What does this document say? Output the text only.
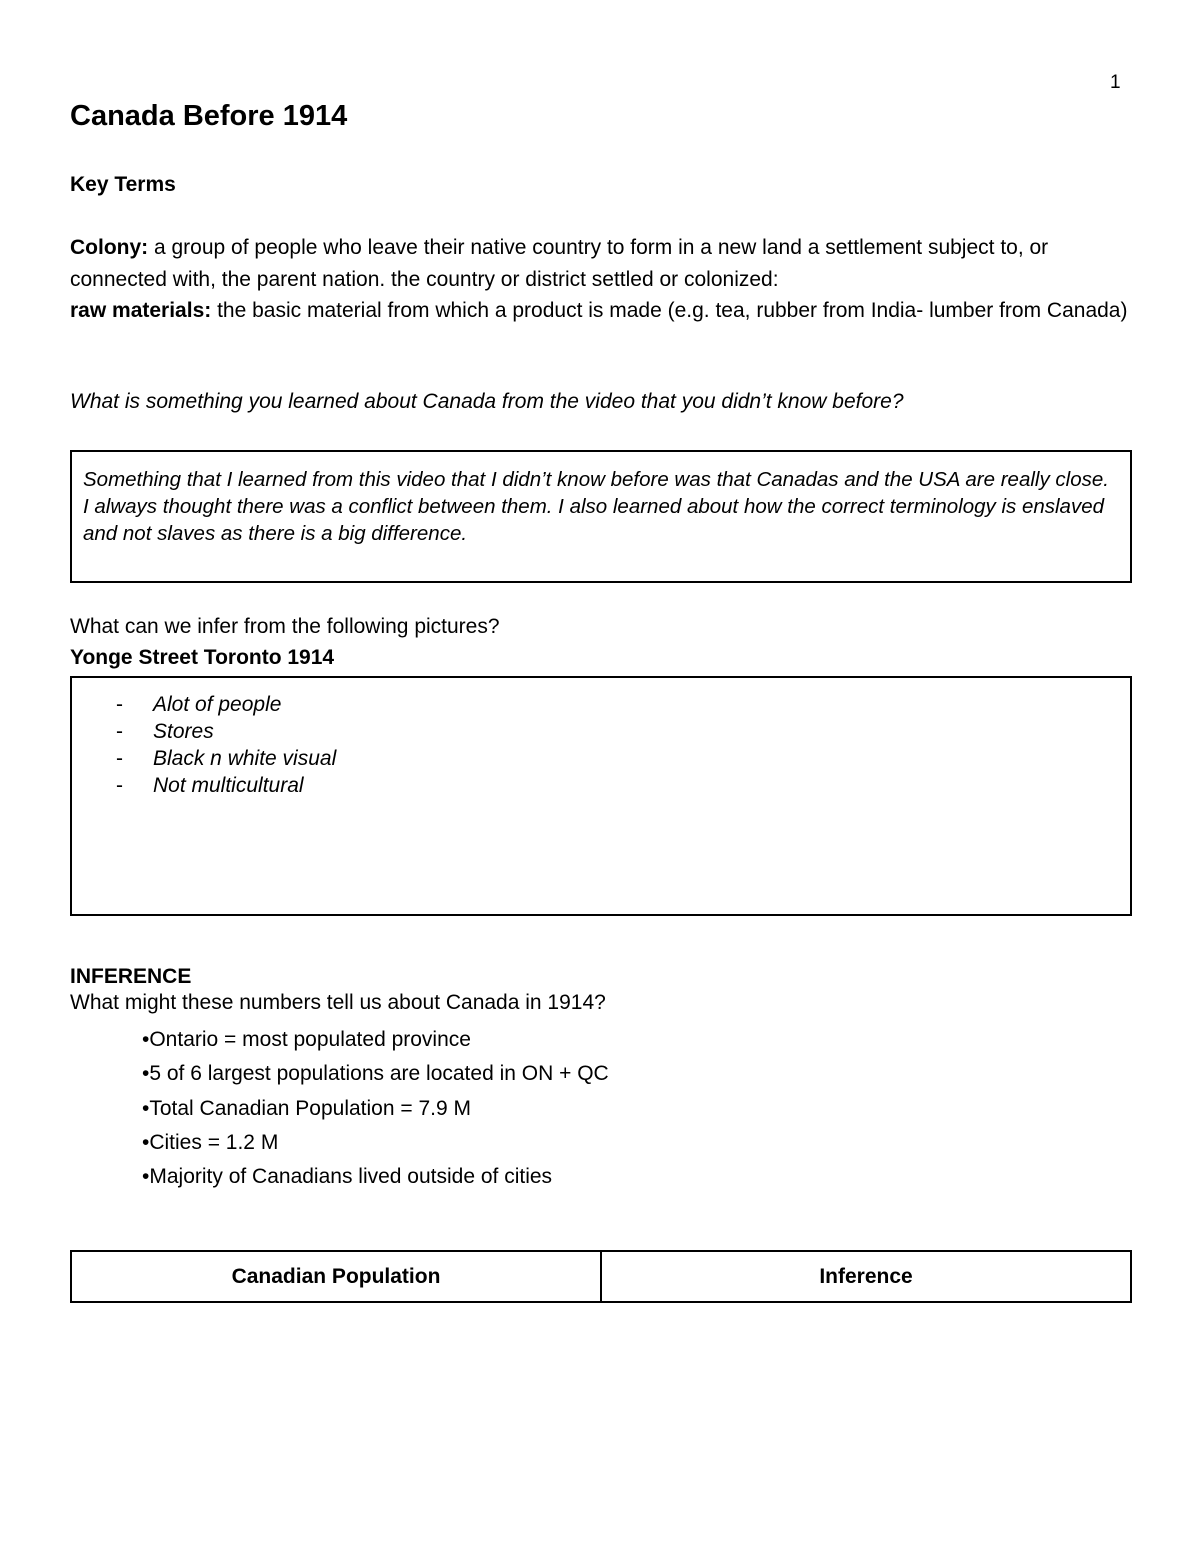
1
Canada Before 1914
Key Terms

Colony: a group of people who leave their native country to form in a new land a settlement subject to, or connected with, the parent nation. the country or district settled or colonized:

raw materials: the basic material from which a product is made (e.g. tea, rubber from India- lumber from Canada)

What is something you learned about Canada from the video that you didn’t know before?
Something that I learned from this video that I didn’t know before was that Canadas and the USA are really close. I always thought there was a conflict between them. I also learned about how the correct terminology is enslaved and not slaves as there is a big difference.
What can we infer from the following pictures?
Yonge Street Toronto 1914
- Alot of people
- Stores
- Black n white visual
- Not multicultural
INFERENCE
What might these numbers tell us about Canada in 1914?
•Ontario = most populated province
•5 of 6 largest populations are located in ON + QC
•Total Canadian Population = 7.9 M
•Cities = 1.2 M
•Majority of Canadians lived outside of cities
Canadian Population	Inference
